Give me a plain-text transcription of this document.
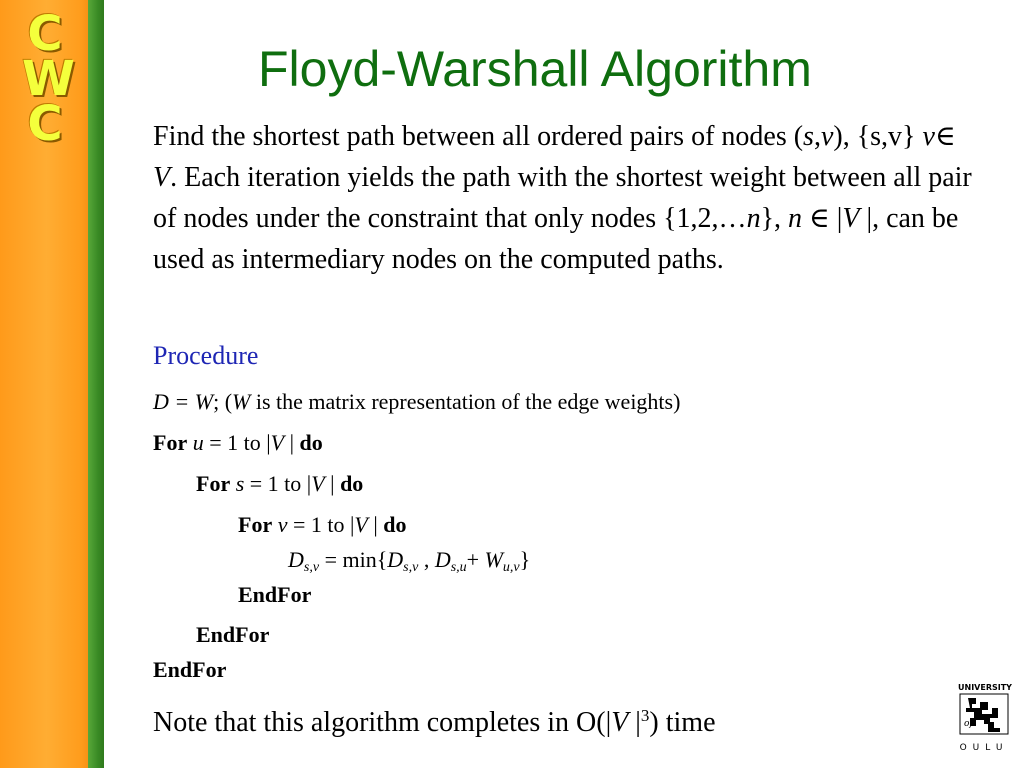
C
W
C
Floyd-Warshall Algorithm
Find the shortest path between all ordered pairs of nodes (s,v), {s,v} v∈ V. Each iteration yields the path with the shortest weight between all pair of nodes under the constraint that only nodes {1,2,…n}, n ∈ |V |, can be used as intermediary nodes on the computed paths.
Procedure
D = W; (W is the matrix representation of the edge weights)
For u = 1 to |V | do
For s = 1 to |V | do
For v = 1 to |V | do
$D_{s,v} = \min\{D_{s,v}$ , $D_{s,u}+ W_{u,v}$}
EndFor
EndFor
EndFor
Note that this algorithm completes in O(|V $|^3$) time
UNIVERSITY
of
OULU
